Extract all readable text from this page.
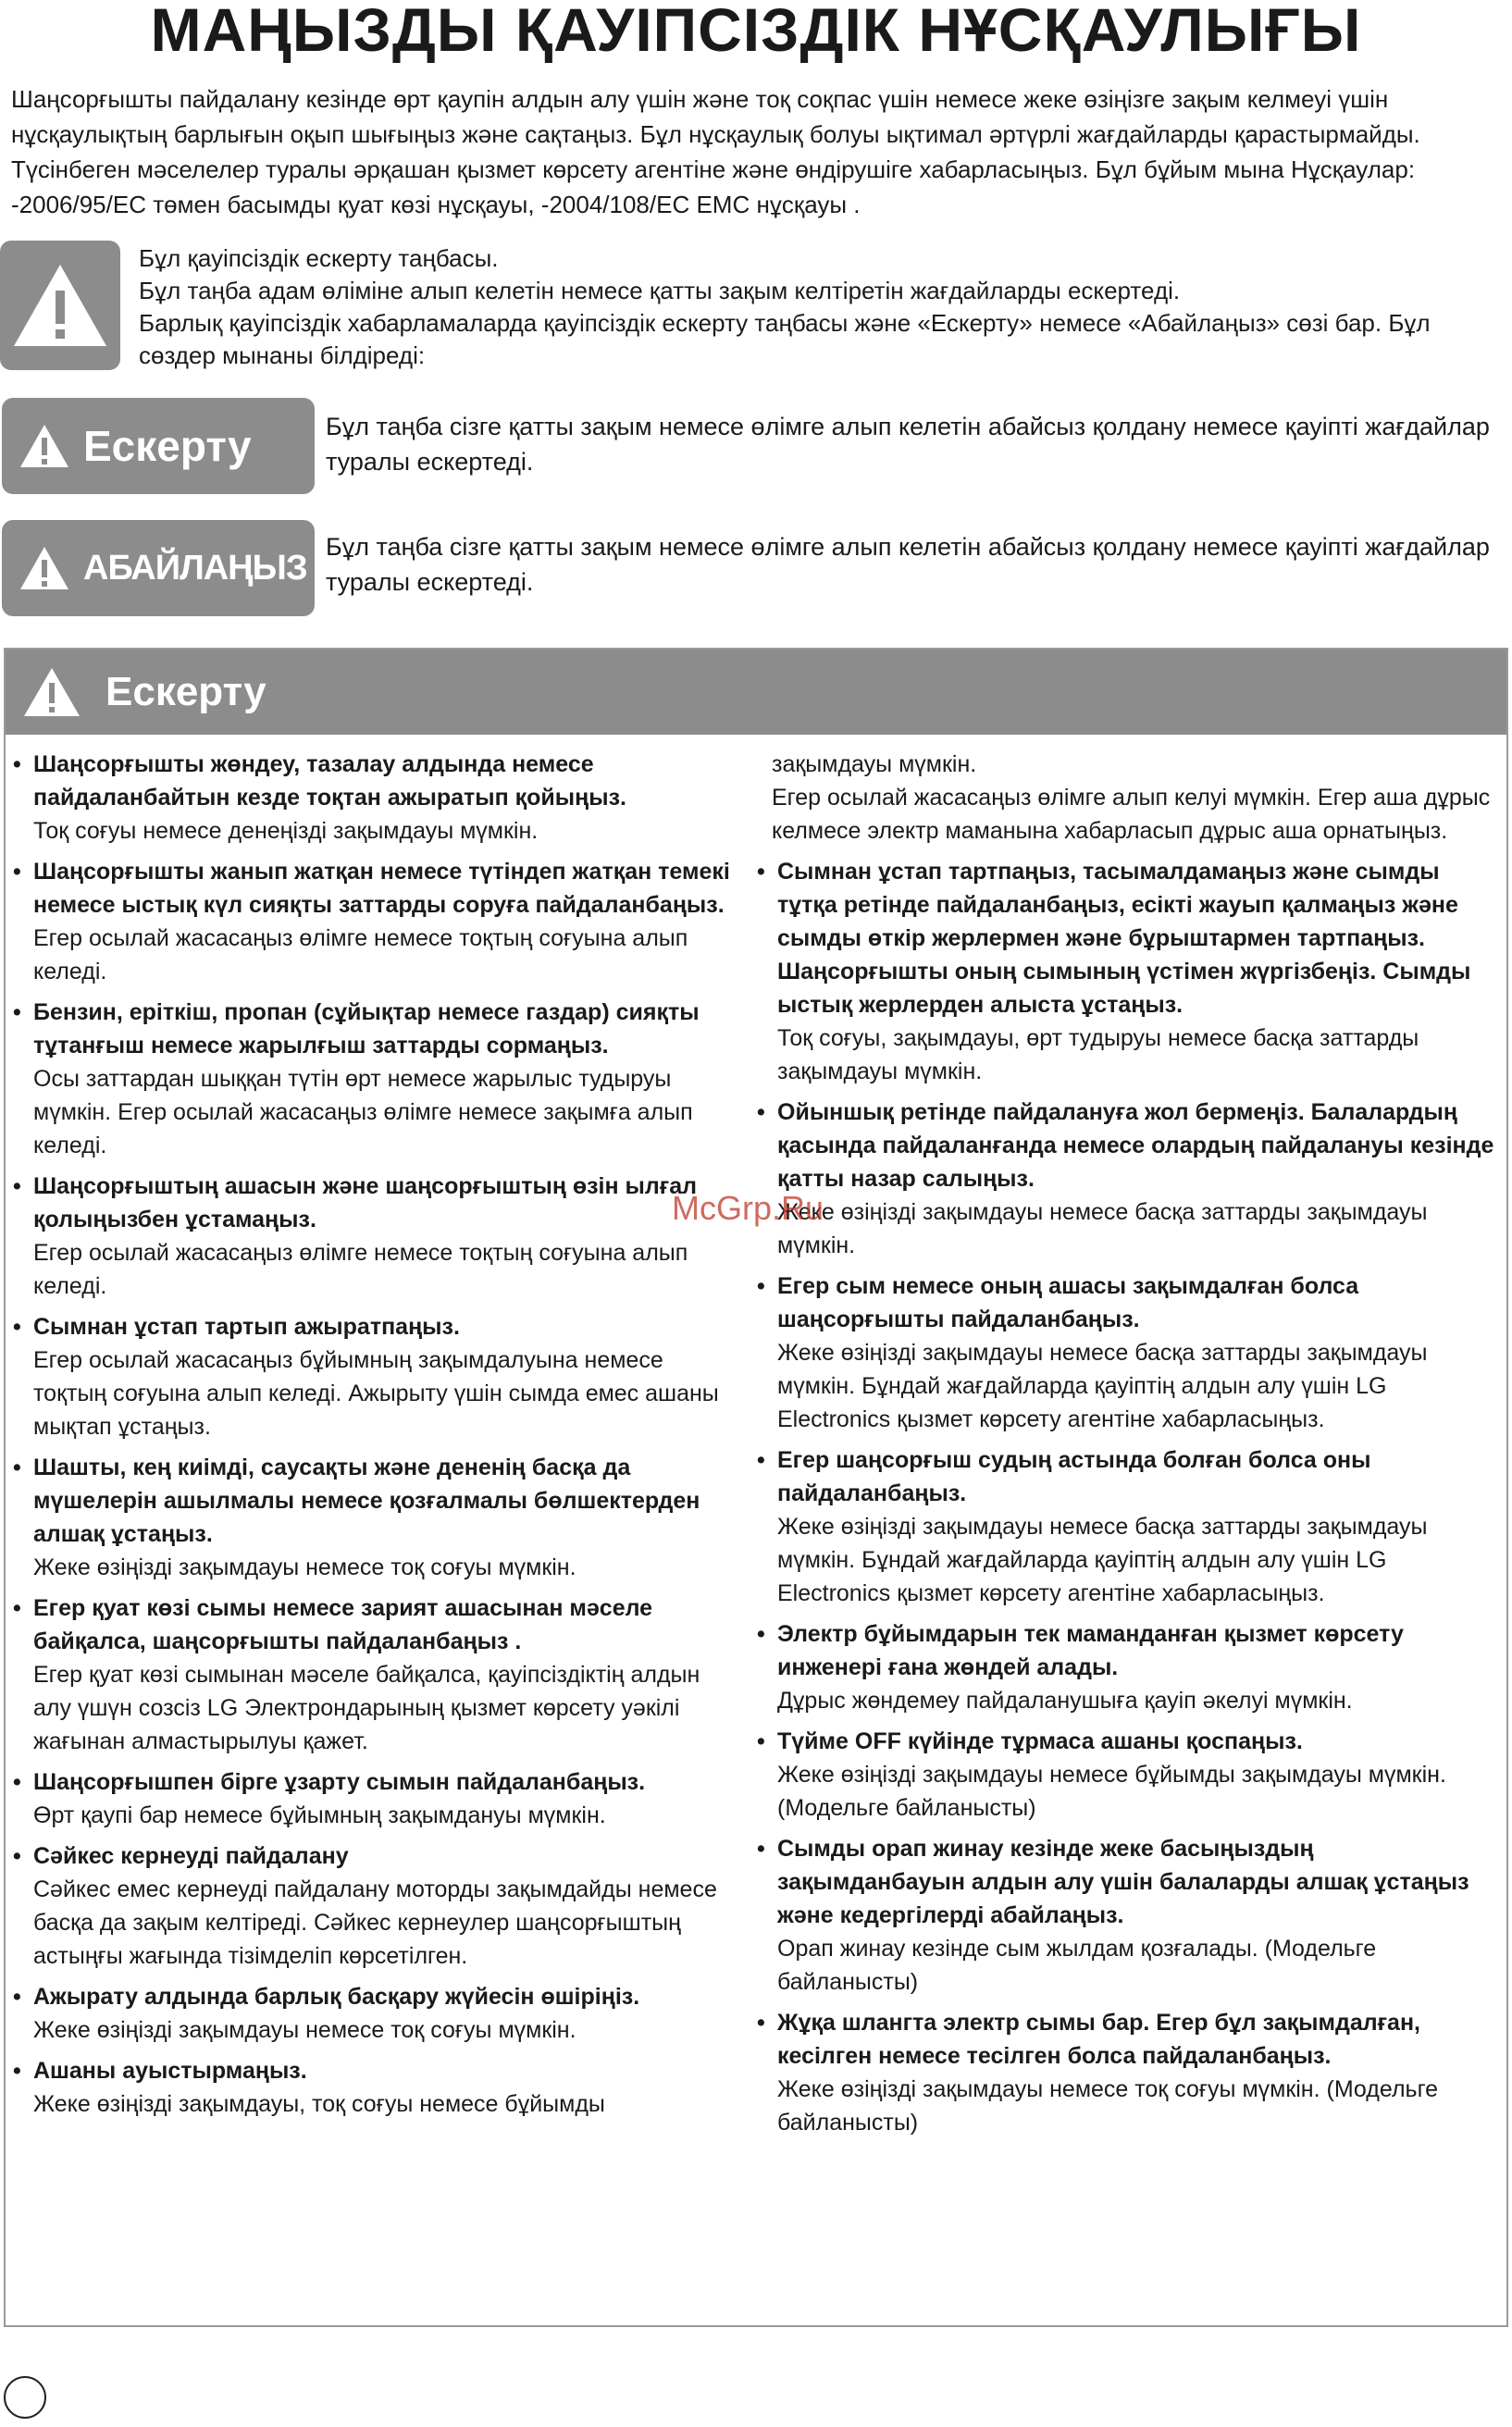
МАҢЫЗДЫ ҚАУІПСІЗДІК НҰСҚАУЛЫҒЫ

Шаңсорғышты пайдалану кезінде өрт қаупін алдын алу үшін және тоқ соқпас үшін немесе жеке өзіңізге зақым келмеуі үшін нұсқаулықтың барлығын оқып шығыңыз және сақтаңыз. Бұл нұсқаулық болуы ықтимал әртүрлі жағдайларды қарастырмайды.

Түсінбеген мәселелер туралы әрқашан қызмет көрсету агентіне және өндірушіге хабарласыңыз. Бұл бұйым мына Нұсқаулар: -2006/95/EC төмен басымды қуат көзі нұсқауы, -2004/108/EC EMC нұсқауы .

Бұл қауіпсіздік ескерту таңбасы.

Бұл таңба адам өліміне алып келетін немесе қатты зақым келтіретін жағдайларды ескертеді.

Барлық қауіпсіздік хабарламаларда қауіпсіздік ескерту таңбасы және «Ескерту» немесе «Абайлаңыз» сөзі бар. Бұл сөздер мынаны білдіреді:

Ескерту	Бұл таңба сізге қатты зақым немесе өлімге алып келетін абайсыз қолдану немесе қауіпті жағдайлар туралы ескертеді.

АБАЙЛАҢЫЗ

Бұл таңба сізге қатты зақым немесе өлімге алып келетін абайсыз қолдану немесе қауіпті жағдайлар туралы ескертеді.

Ескерту
• Шаңсорғышты жөндеу, тазалау алдында немесе пайдаланбайтын кезде тоқтан ажыратып қойыңыз.
Тоқ соғуы немесе денеңізді зақымдауы мүмкін.
• Шаңсорғышты жанып жатқан немесе түтіндеп жатқан темекі немесе ыстық күл сияқты заттарды соруға пайдаланбаңыз.
Егер осылай жасасаңыз өлімге немесе тоқтың соғуына алып келеді.
• Бензин, еріткіш, пропан (сұйықтар немесе газдар) сияқты тұтанғыш немесе жарылғыш заттарды сормаңыз.
Осы заттардан шыққан түтін өрт немесе жарылыс тудыруы мүмкін. Егер осылай жасасаңыз өлімге немесе зақымға алып келеді.
• Шаңсорғыштың ашасын және шаңсорғыштың өзін ылғал қолыңызбен ұстамаңыз.
Егер осылай жасасаңыз өлімге немесе тоқтың соғуына алып келеді.
• Сымнан ұстап тартып ажыратпаңыз.
Егер осылай жасасаңыз бұйымның зақымдалуына немесе тоқтың соғуына алып келеді. Ажырыту үшін сымда емес ашаны мықтап ұстаңыз.
• Шашты, кең киімді, саусақты және дененің басқа да мүшелерін ашылмалы немесе қозғалмалы бөлшектерден алшақ ұстаңыз.
Жеке өзіңізді зақымдауы немесе тоқ соғуы мүмкін.
• Егер қуат көзі сымы немесе зарият ашасынан мәселе байқалса, шаңсорғышты пайдаланбаңыз .
Егер қуат көзі сымынан мәселе байқалса, қауіпсіздіктің алдын алу үшүн созсіз LG Электрондарының қызмет көрсету уәкілі жағынан алмастырылуы қажет.
• Шаңсорғышпен бірге ұзарту сымын пайдаланбаңыз.
Өрт қаупі бар немесе бұйымның зақымдануы мүмкін.
• Сәйкес кернеуді пайдалану
Сәйкес емес кернеуді пайдалану моторды зақымдайды немесе басқа да зақым келтіреді. Сәйкес кернеулер шаңсорғыштың астыңғы жағында тізімделіп көрсетілген.
• Ажырату алдында барлық басқару жүйесін өшіріңіз.
Жеке өзіңізді зақымдауы немесе тоқ соғуы мүмкін.
• Ашаны ауыстырмаңыз.
Жеке өзіңізді зақымдауы, тоқ соғуы немесе бұйымды
зақымдауы мүмкін.
Егер осылай жасасаңыз өлімге алып келуі мүмкін. Егер аша дұрыс келмесе электр маманына хабарласып дұрыс аша орнатыңыз.
• Сымнан ұстап тартпаңыз, тасымалдамаңыз және сымды тұтқа ретінде пайдаланбаңыз, есікті жауып қалмаңыз және сымды өткір жерлермен және бұрыштармен тартпаңыз. Шаңсорғышты оның сымының үстімен жүргізбеңіз. Сымды ыстық жерлерден алыста ұстаңыз.
Тоқ соғуы, зақымдауы, өрт тудыруы немесе басқа заттарды зақымдауы мүмкін.
• Ойыншық ретінде пайдалануға жол бермеңіз. Балалардың қасында пайдаланғанда немесе олардың пайдалануы кезінде қатты назар салыңыз.
Жеке өзіңізді зақымдауы немесе басқа заттарды зақымдауы мүмкін.
• Егер сым немесе оның ашасы зақымдалған болса шаңсорғышты пайдаланбаңыз.
Жеке өзіңізді зақымдауы немесе басқа заттарды зақымдауы мүмкін. Бұндай жағдайларда қауіптің алдын алу үшін LG Electronics қызмет көрсету агентіне хабарласыңыз.
• Егер шаңсорғыш судың астында болған болса оны пайдаланбаңыз.
Жеке өзіңізді зақымдауы немесе басқа заттарды зақымдауы мүмкін. Бұндай жағдайларда қауіптің алдын алу үшін LG Electronics қызмет көрсету агентіне хабарласыңыз.
• Электр бұйымдарын тек маманданған қызмет көрсету инженері ғана жөндей алады.
Дұрыс жөндемеу пайдаланушыға қауіп әкелуі мүмкін.
• Түйме OFF күйінде тұрмаса ашаны қоспаңыз.
Жеке өзіңізді зақымдауы немесе бұйымды зақымдауы мүмкін. (Модельге байланысты)
• Сымды орап жинау кезінде жеке басыңыздың зақымданбауын алдын алу үшін балаларды алшақ ұстаңыз және кедергілерді абайлаңыз.
Орап жинау кезінде сым жылдам қозғалады. (Модельге байланысты)
• Жұқа шлангта электр сымы бар. Егер бұл зақымдалған, кесілген немесе тесілген болса пайдаланбаңыз.
Жеке өзіңізді зақымдауы немесе тоқ соғуы мүмкін. (Модельге байланысты)
McGrp.Ru
